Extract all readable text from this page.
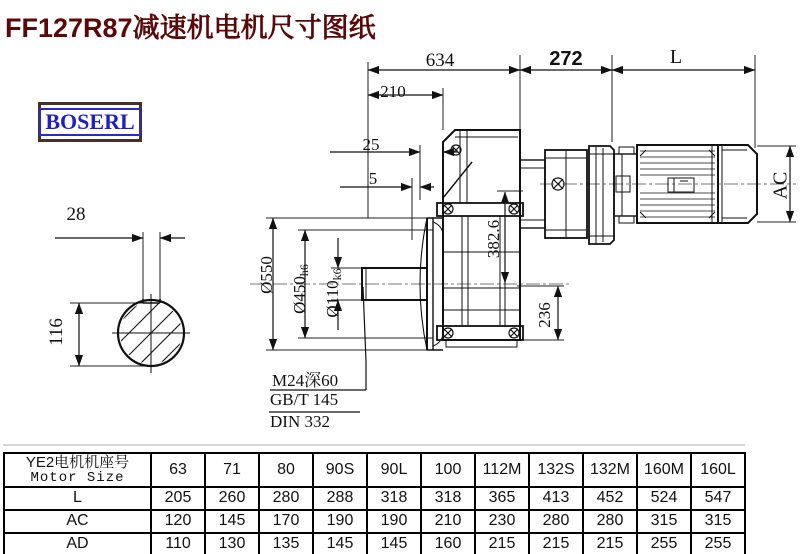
FF127R87减速机电机尺寸图纸
BOSERL
634	272	L
210
25
5	AC
382.6
236
Ø550
Ø450h6
Ø110k6
28
116
M24深60
GB/T 145
DIN 332
YE2电机机座号
Motor Size	63	71	80	90S	90L	100	112M	132S	132M	160M	160L
L	205	260	280	288	318	318	365	413	452	524	547
AC	120	145	170	190	190	210	230	280	280	315	315
AD	110	130	135	145	145	160	215	215	215	255	255
